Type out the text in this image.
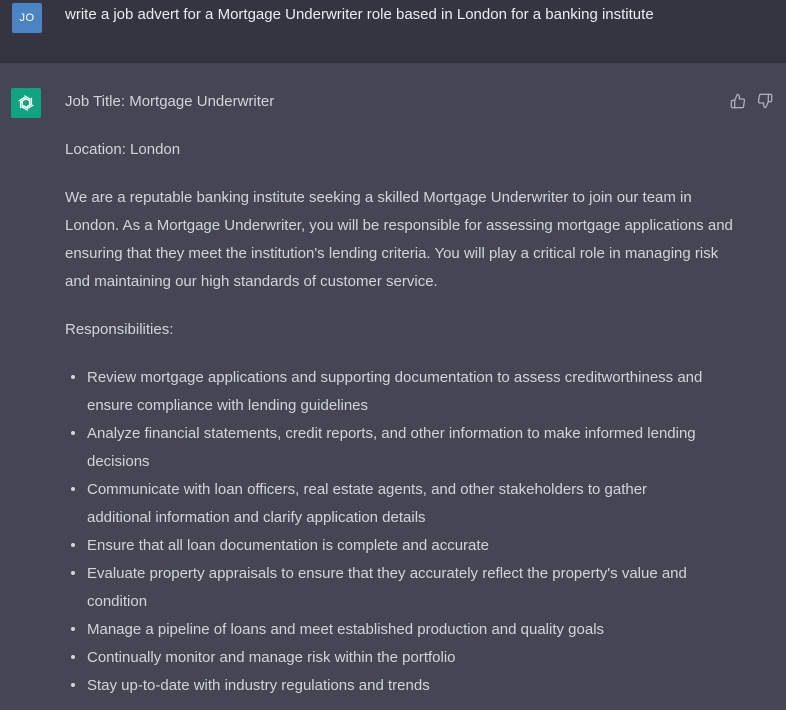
JO write a job advert for a Mortgage Underwriter role based in London for a banking institute

Job Title: Mortgage Underwriter

Location: London

We are a reputable banking institute seeking a skilled Mortgage Underwriter to join our team in London. As a Mortgage Underwriter, you will be responsible for assessing mortgage applications and ensuring that they meet the institution's lending criteria. You will play a critical role in managing risk and maintaining our high standards of customer service.

Responsibilities:

Review mortgage applications and supporting documentation to assess creditworthiness and ensure compliance with lending guidelines
Analyze financial statements, credit reports, and other information to make informed lending decisions
Communicate with loan officers, real estate agents, and other stakeholders to gather additional information and clarify application details
Ensure that all loan documentation is complete and accurate
Evaluate property appraisals to ensure that they accurately reflect the property's value and condition
Manage a pipeline of loans and meet established production and quality goals
Continually monitor and manage risk within the portfolio
Stay up-to-date with industry regulations and trends
